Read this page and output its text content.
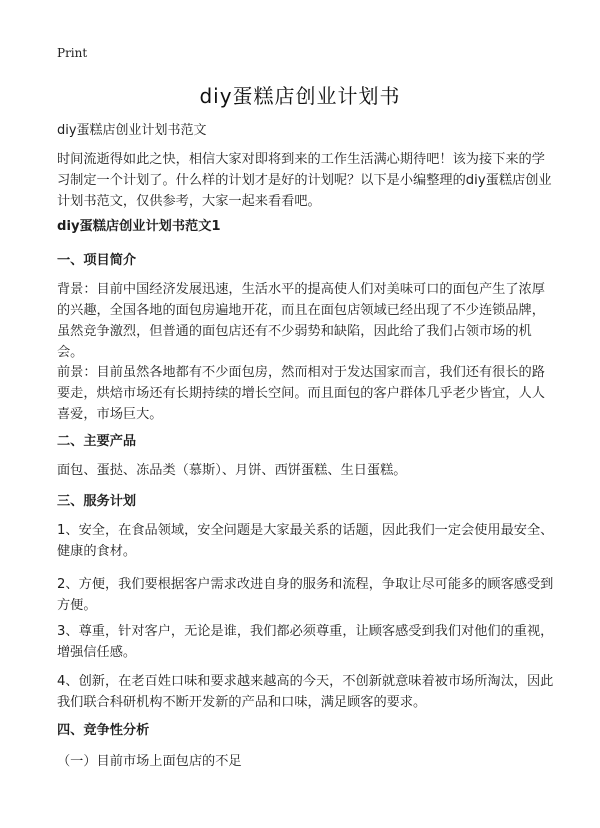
Print
diy蛋糕店创业计划书
diy蛋糕店创业计划书范文
时间流逝得如此之快，相信大家对即将到来的工作生活满心期待吧！该为接下来的学习制定一个计划了。什么样的计划才是好的计划呢？以下是小编整理的diy蛋糕店创业计划书范文，仅供参考，大家一起来看看吧。
diy蛋糕店创业计划书范文1
一、项目简介
背景：目前中国经济发展迅速，生活水平的提高使人们对美味可口的面包产生了浓厚的兴趣，全国各地的面包房遍地开花，而且在面包店领域已经出现了不少连锁品牌，虽然竞争激烈，但普通的面包店还有不少弱势和缺陷，因此给了我们占领市场的机会。
前景：目前虽然各地都有不少面包房，然而相对于发达国家而言，我们还有很长的路要走，烘焙市场还有长期持续的增长空间。而且面包的客户群体几乎老少皆宜，人人喜爱，市场巨大。
二、主要产品
面包、蛋挞、冻品类（慕斯）、月饼、西饼蛋糕、生日蛋糕。
三、服务计划
1、安全，在食品领域，安全问题是大家最关系的话题，因此我们一定会使用最安全、健康的食材。
2、方便，我们要根据客户需求改进自身的服务和流程，争取让尽可能多的顾客感受到方便。
3、尊重，针对客户，无论是谁，我们都必须尊重，让顾客感受到我们对他们的重视，增强信任感。
4、创新，在老百姓口味和要求越来越高的今天，不创新就意味着被市场所淘汰，因此我们联合科研机构不断开发新的产品和口味，满足顾客的要求。
四、竞争性分析
（一）目前市场上面包店的不足
